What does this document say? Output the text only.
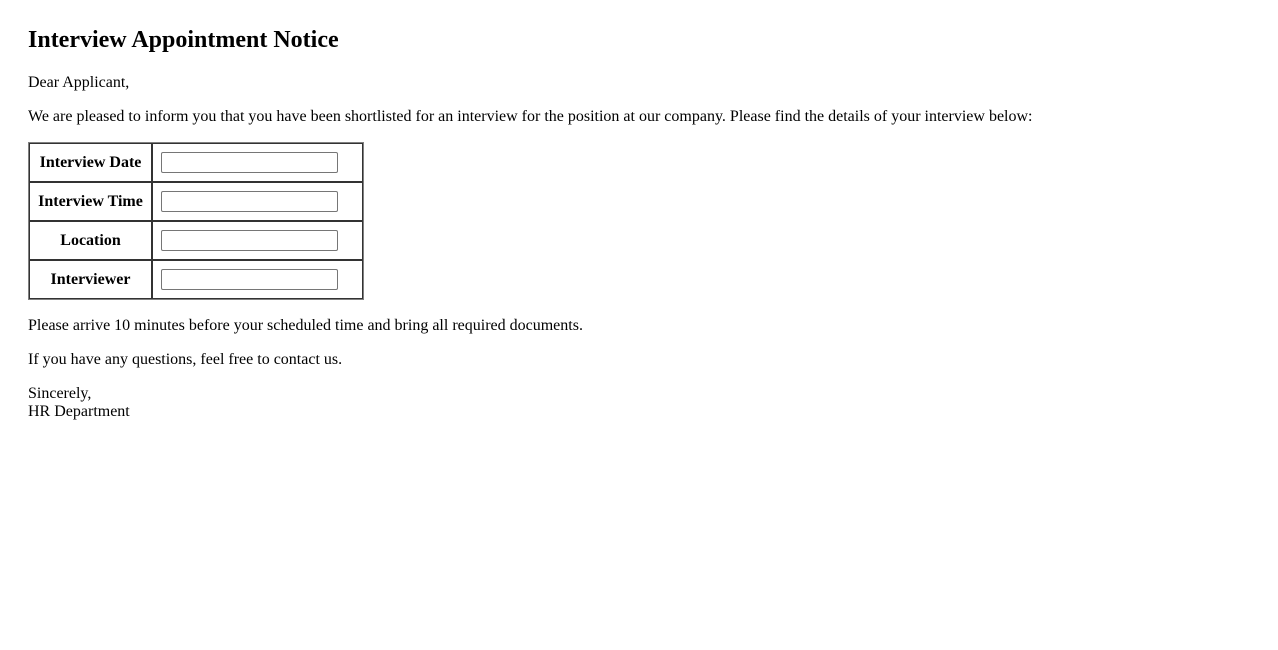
Interview Appointment Notice

Dear Applicant,

We are pleased to inform you that you have been shortlisted for an interview for the position at our company. Please find the details of your interview below:

Interview Date	

Interview Time	

Location	

Interviewer	

Please arrive 10 minutes before your scheduled time and bring all required documents.

If you have any questions, feel free to contact us.

Sincerely,
HR Department
